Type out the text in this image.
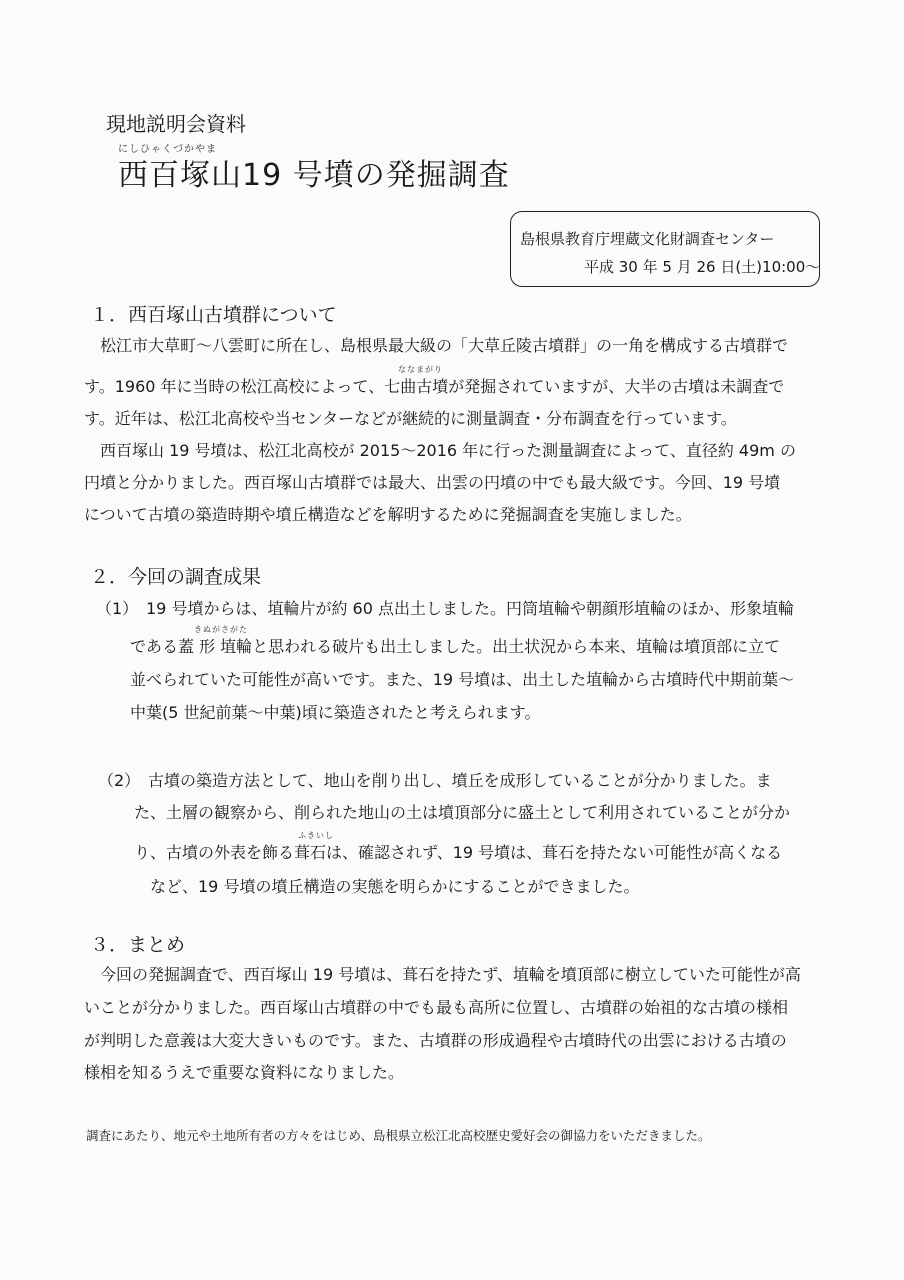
現地説明会資料
にしひゃくづかやま
西百塚山19 号墳の発掘調査
島根県教育庁埋蔵文化財調査センター
平成 30 年 5 月 26 日(土)10:00～
１．西百塚山古墳群について
松江市大草町～八雲町に所在し、島根県最大級の「大草丘陵古墳群」の一角を構成する古墳群で
ななまがり
す。1960 年に当時の松江高校によって、七曲古墳が発掘されていますが、大半の古墳は未調査で
す。近年は、松江北高校や当センターなどが継続的に測量調査・分布調査を行っています。
西百塚山 19 号墳は、松江北高校が 2015～2016 年に行った測量調査によって、直径約 49m の
円墳と分かりました。西百塚山古墳群では最大、出雲の円墳の中でも最大級です。今回、19 号墳
について古墳の築造時期や墳丘構造などを解明するために発掘調査を実施しました。
２．今回の調査成果
（1） 19 号墳からは、埴輪片が約 60 点出土しました。円筒埴輪や朝顔形埴輪のほか、形象埴輪
きぬがさがた
である蓋 形 埴輪と思われる破片も出土しました。出土状況から本来、埴輪は墳頂部に立て
並べられていた可能性が高いです。また、19 号墳は、出土した埴輪から古墳時代中期前葉～
中葉(5 世紀前葉～中葉)頃に築造されたと考えられます。
（2） 古墳の築造方法として、地山を削り出し、墳丘を成形していることが分かりました。ま
た、土層の観察から、削られた地山の土は墳頂部分に盛土として利用されていることが分か
ふきいし
り、古墳の外表を飾る葺石は、確認されず、19 号墳は、葺石を持たない可能性が高くなる
など、19 号墳の墳丘構造の実態を明らかにすることができました。
３．まとめ
今回の発掘調査で、西百塚山 19 号墳は、葺石を持たず、埴輪を墳頂部に樹立していた可能性が高
いことが分かりました。西百塚山古墳群の中でも最も高所に位置し、古墳群の始祖的な古墳の様相
が判明した意義は大変大きいものです。また、古墳群の形成過程や古墳時代の出雲における古墳の
様相を知るうえで重要な資料になりました。
調査にあたり、地元や土地所有者の方々をはじめ、島根県立松江北高校歴史愛好会の御協力をいただきました。
